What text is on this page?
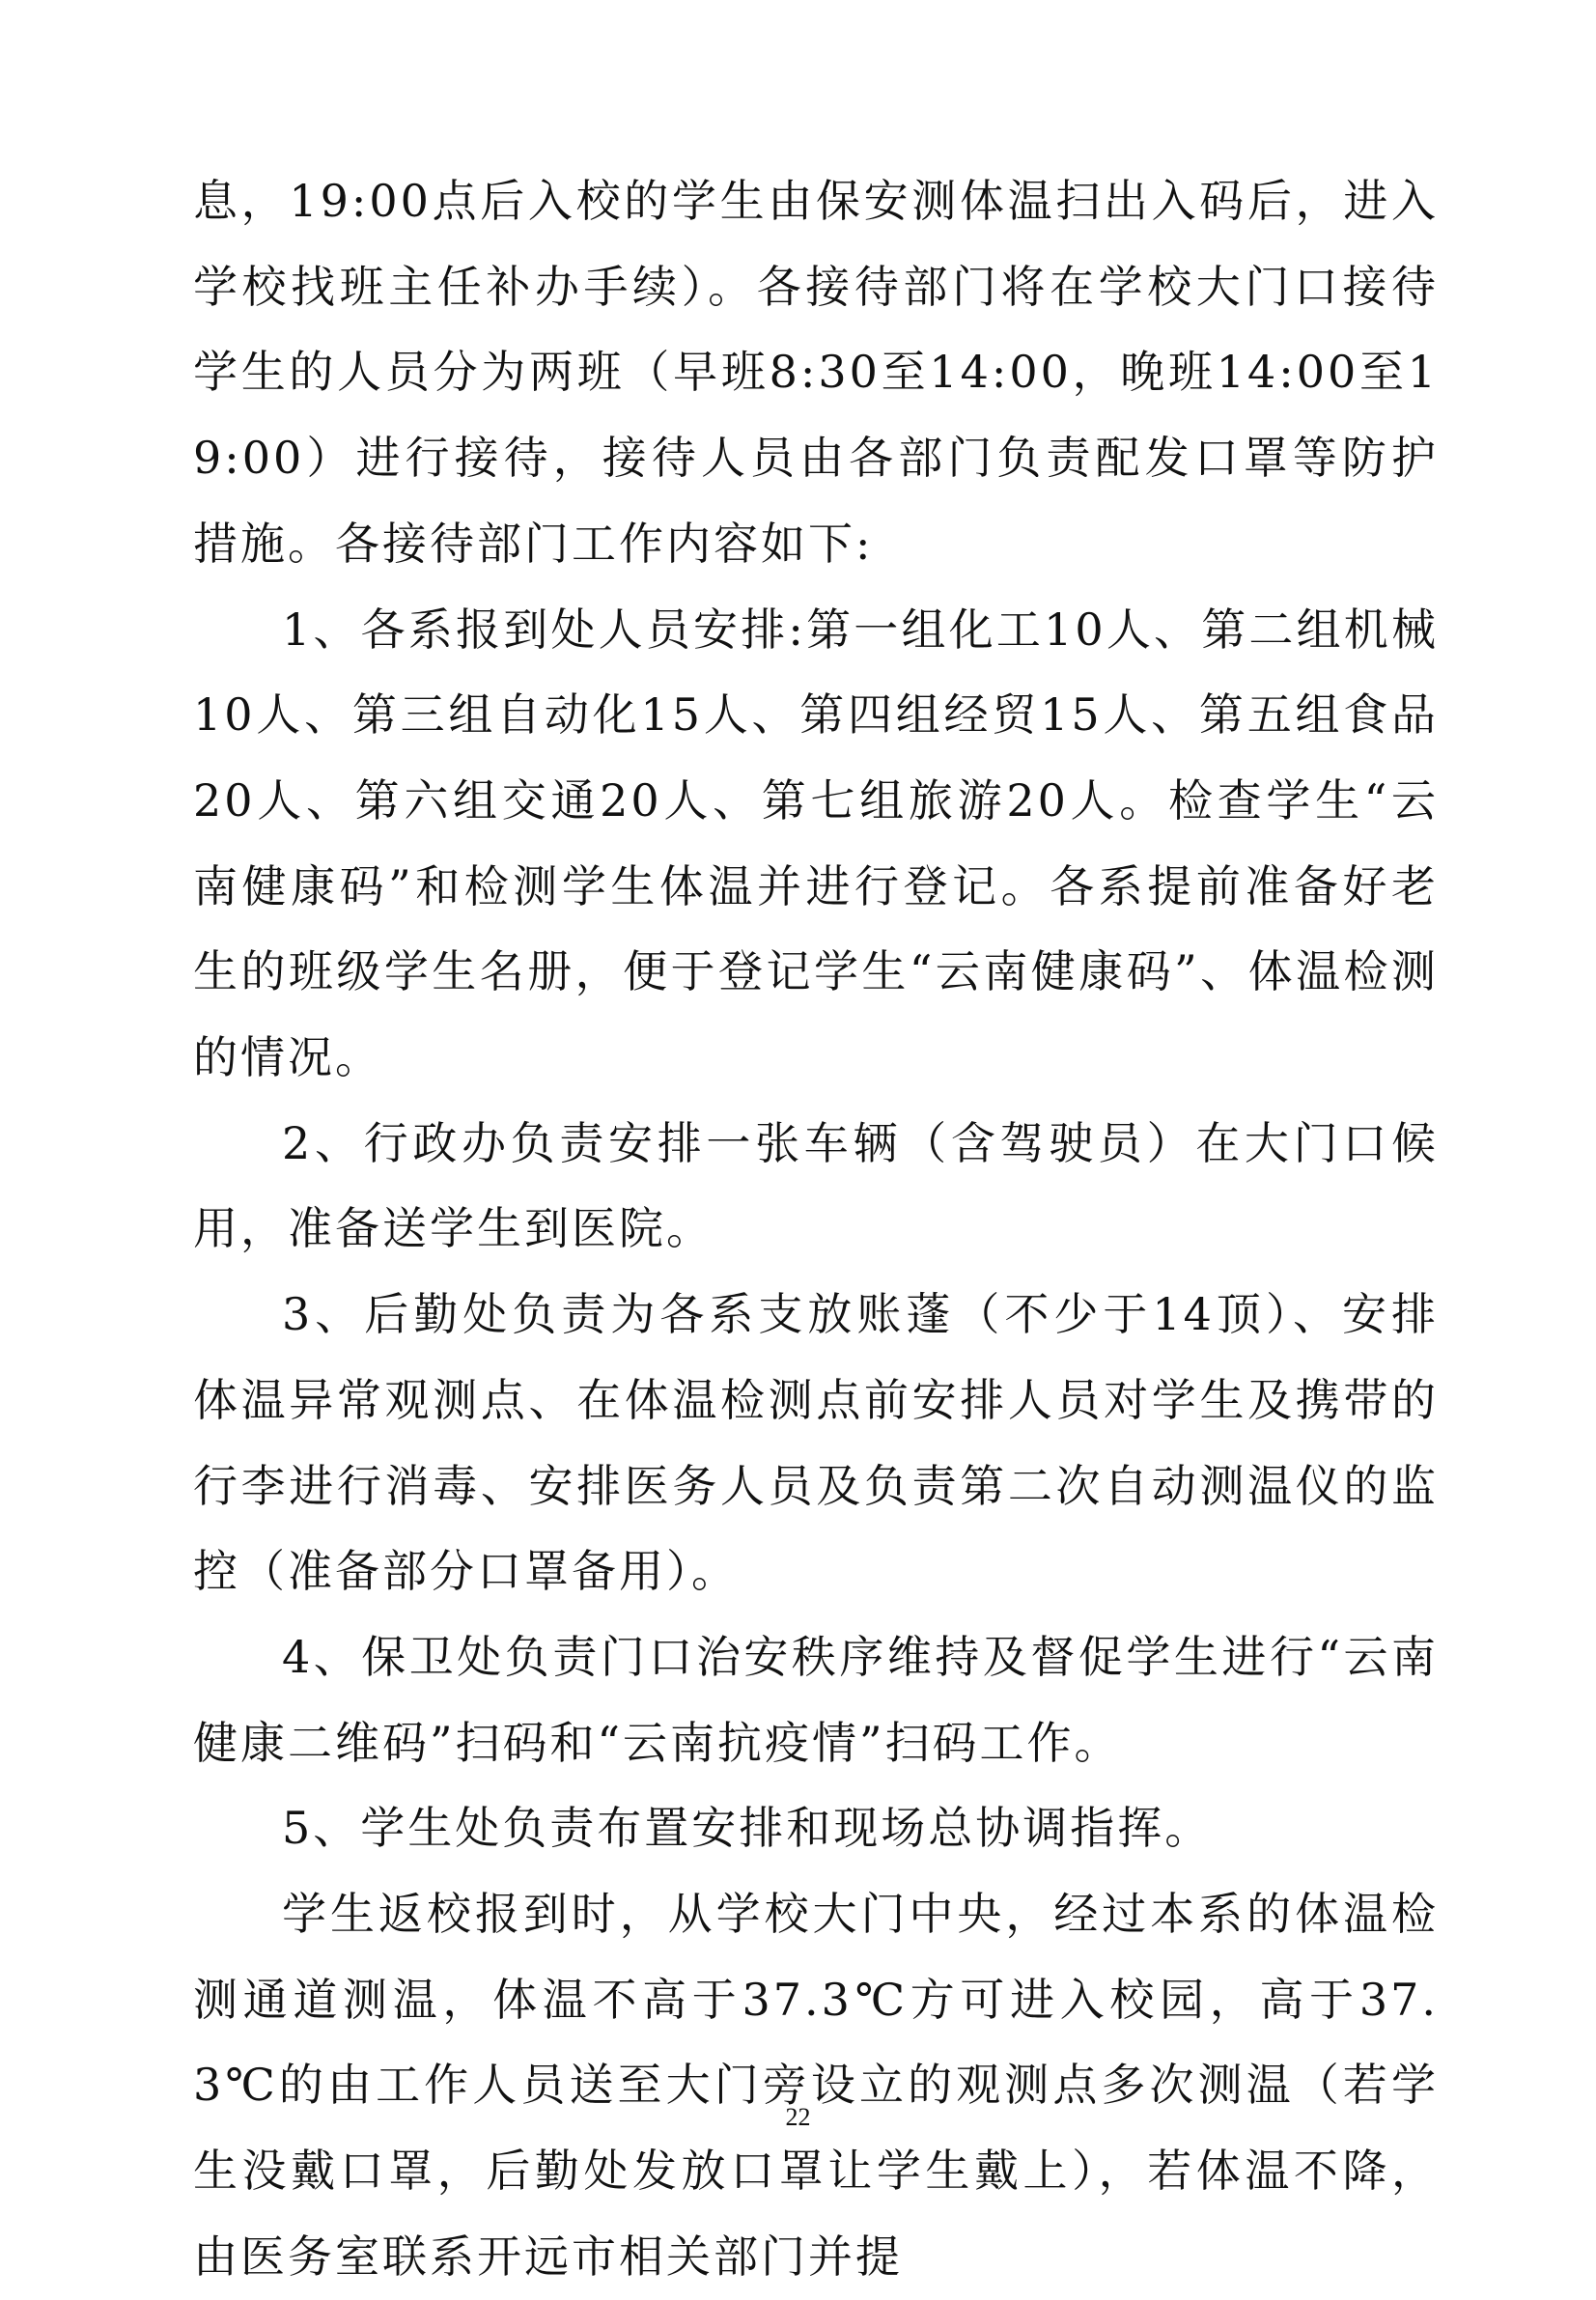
息，19:00点后入校的学生由保安测体温扫出入码后，进入学校找班主任补办手续）。各接待部门将在学校大门口接待学生的人员分为两班（早班8:30至14:00，晚班14:00至19:00）进行接待，接待人员由各部门负责配发口罩等防护措施。各接待部门工作内容如下:

1、各系报到处人员安排:第一组化工10人、第二组机械10人、第三组自动化15人、第四组经贸15人、第五组食品20人、第六组交通20人、第七组旅游20人。检查学生“云南健康码”和检测学生体温并进行登记。各系提前准备好老生的班级学生名册，便于登记学生“云南健康码”、体温检测的情况。

2、行政办负责安排一张车辆（含驾驶员）在大门口候用，准备送学生到医院。

3、后勤处负责为各系支放账蓬（不少于14顶）、安排体温异常观测点、在体温检测点前安排人员对学生及携带的行李进行消毒、安排医务人员及负责第二次自动测温仪的监控（准备部分口罩备用）。

4、保卫处负责门口治安秩序维持及督促学生进行“云南健康二维码”扫码和“云南抗疫情”扫码工作。

5、学生处负责布置安排和现场总协调指挥。

学生返校报到时，从学校大门中央，经过本系的体温检测通道测温，体温不高于37.3℃方可进入校园，高于37.3℃的由工作人员送至大门旁设立的观测点多次测温（若学生没戴口罩，后勤处发放口罩让学生戴上），若体温不降，由医务室联系开远市相关部门并提

22
